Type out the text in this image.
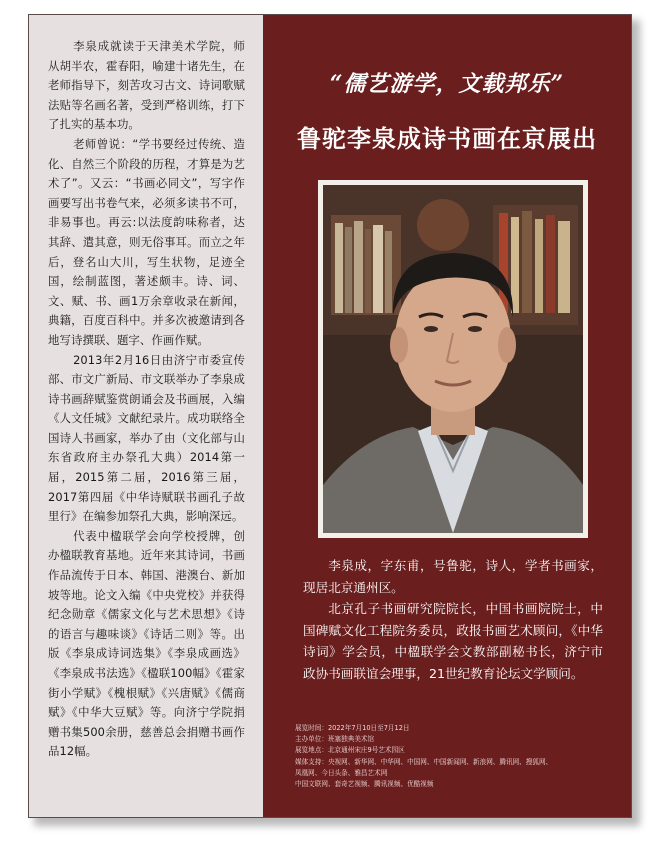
李泉成就读于天津美术学院，师从胡半农，霍春阳，喻建十诸先生，在老师指导下，刻苦攻习古文、诗词歌赋法贴等名画名著，受到严格训练，打下了扎实的基本功。

老师曾说：“学书要经过传统、造化、自然三个阶段的历程，才算是为艺术了”。又云：“书画必同文”，写字作画要写出书卷气来，必须多读书不可，非易事也。再云:以法度韵味称者，达其辞、遣其意，则无俗事耳。而立之年后，登名山大川，写生状物，足迹全国，绘制蓝图，著述颇丰。诗、词、文、赋、书、画1万余章收录在新闻，典籍，百度百科中。并多次被邀请到各地写诗撰联、题字、作画作赋。

2013年2月16日由济宁市委宣传部、市文广新局、市文联举办了李泉成诗书画辞赋鉴赏朗诵会及书画展，入编《人文任城》文献纪录片。成功联络全国诗人书画家，举办了由（文化部与山东省政府主办祭孔大典）2014第一届，2015第二届，2016第三届，2017第四届《中华诗赋联书画孔子故里行》在编参加祭孔大典，影响深远。

代表中楹联学会向学校授牌，创办楹联教育基地。近年来其诗词，书画作品流传于日本、韩国、港澳台、新加坡等地。论文入编《中央党校》并获得纪念勋章《儒家文化与艺术思想》《诗的语言与趣味谈》《诗话二则》等。出版《李泉成诗词选集》《李泉成画选》《李泉成书法选》《楹联100幅》《霍家街小学赋》《槐根赋》《兴唐赋》《儒商赋》《中华大豆赋》等。向济宁学院捐赠书集500余册，慈善总会捐赠书画作品12幅。

“儒艺游学，文载邦乐”
鲁驼李泉成诗书画在京展出

李泉成，字东甫，号鲁驼，诗人，学者书画家，现居北京通州区。

北京孔子书画研究院院长，中国书画院院士，中国碑赋文化工程院务委员，政报书画艺术顾问，《中华诗词》学会员，中楹联学会文教部副秘书长，济宁市政协书画联谊会理事，21世纪教育论坛文学顾问。

展览时间：2022年7月10日至7月12日
主办单位：班塞独典美术馆
展览地点：北京通州宋庄9号艺术园区
媒体支持：央视网、新华网、中华网、中国网、中国新闻网、新浪网、腾讯网、搜狐网、
凤凰网、今日头条、雅昌艺术网
中国文联网、套奇艺视频、腾讯视频、优酷视频
